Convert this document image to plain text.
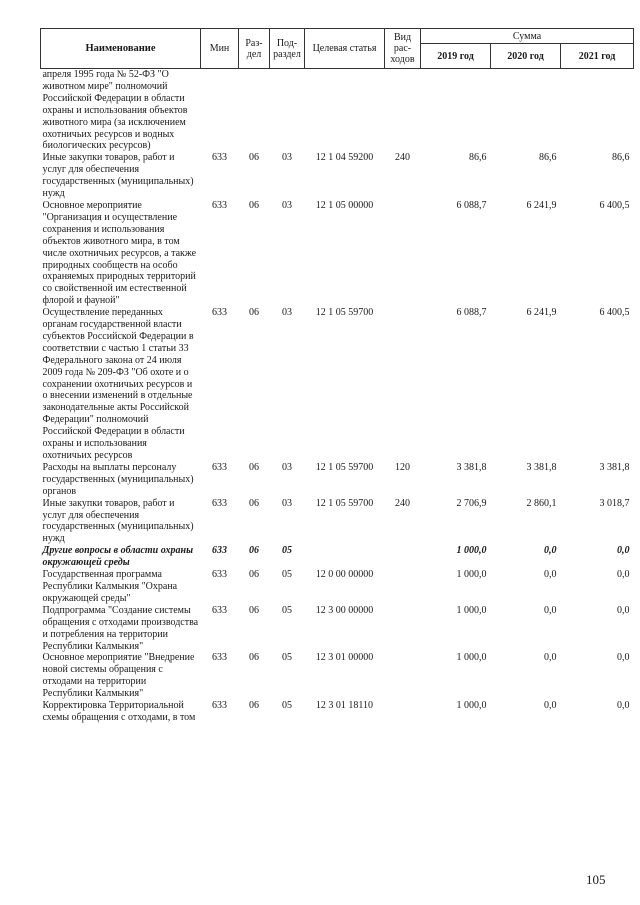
Наименование	Мин	Раз-дел	Под-раздел	Целевая статья	Вид рас-ходов	Сумма		
						2019 год	2020 год	2021 год
апреля 1995 года № 52-ФЗ "О животном мире" полномочий Российской Федерации в области охраны и использования объектов животного мира (за исключением охотничьих ресурсов и водных биологических ресурсов)								
Иные закупки товаров, работ и услуг для обеспечения государственных (муниципальных) нужд	633	06	03	12 1 04 59200	240	86,6	86,6	86,6
Основное мероприятие "Организация и осуществление сохранения и использования объектов животного мира, в том числе охотничьих ресурсов, а также природных сообществ на особо охраняемых природных территорий со свойственной им естественной флорой и фауной"	633	06	03	12 1 05 00000		6 088,7	6 241,9	6 400,5
Осуществление переданных органам государственной власти субъектов Российской Федерации в соответствии с частью 1 статьи 33 Федерального закона от 24 июля 2009 года № 209-ФЗ "Об охоте и о сохранении охотничьих ресурсов и о внесении изменений в отдельные законодательные акты Российской Федерации" полномочий Российской Федерации в области охраны и использования охотничьих ресурсов	633	06	03	12 1 05 59700		6 088,7	6 241,9	6 400,5
Расходы на выплаты персоналу государственных (муниципальных) органов	633	06	03	12 1 05 59700	120	3 381,8	3 381,8	3 381,8
Иные закупки товаров, работ и услуг для обеспечения государственных (муниципальных) нужд	633	06	03	12 1 05 59700	240	2 706,9	2 860,1	3 018,7
Другие вопросы в области охраны окружающей среды	633	06	05			1 000,0	0,0	0,0
Государственная программа Республики Калмыкия "Охрана окружающей среды"	633	06	05	12 0 00 00000		1 000,0	0,0	0,0
Подпрограмма "Создание системы обращения с отходами производства и потребления на территории Республики Калмыкия"	633	06	05	12 3 00 00000		1 000,0	0,0	0,0
Основное мероприятие "Внедрение новой системы обращения с отходами на территории Республики Калмыкия"	633	06	05	12 3 01 00000		1 000,0	0,0	0,0
Корректировка Территориальной схемы обращения с отходами, в том	633	06	05	12 3 01 18110		1 000,0	0,0	0,0
105
